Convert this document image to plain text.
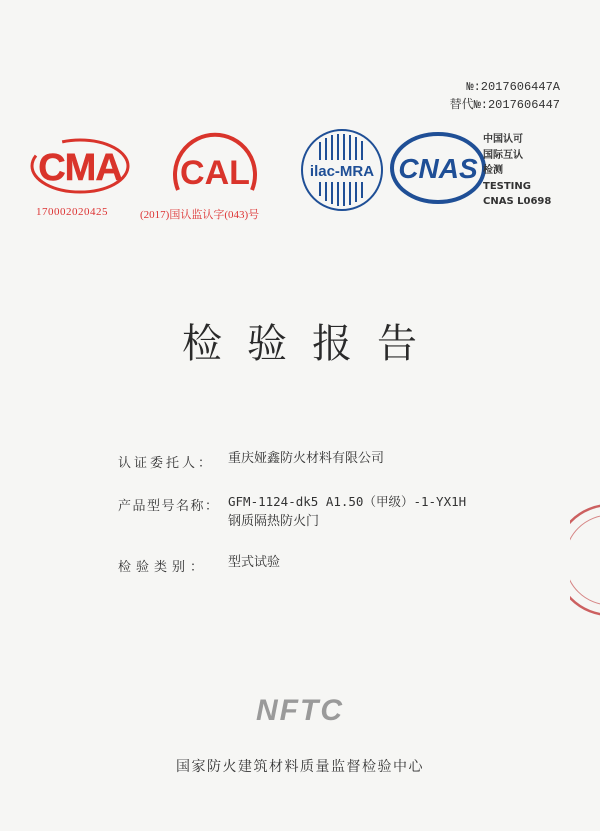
№:2017606447A
替代№:2017606447
CMA CAL	ilac-MRA CNAS
170002020425	(2017)国认监认字(043)号
中国认可
国际互认
检测
TESTING
CNAS L0698
检验报告
认证委托人：	重庆娅鑫防火材料有限公司
产品型号名称： GFM-1124-dk5 A1.50（甲级）-1-YX1H
钢质隔热防火门
检验类别：	型式试验
NFTC
国家防火建筑材料质量监督检验中心
